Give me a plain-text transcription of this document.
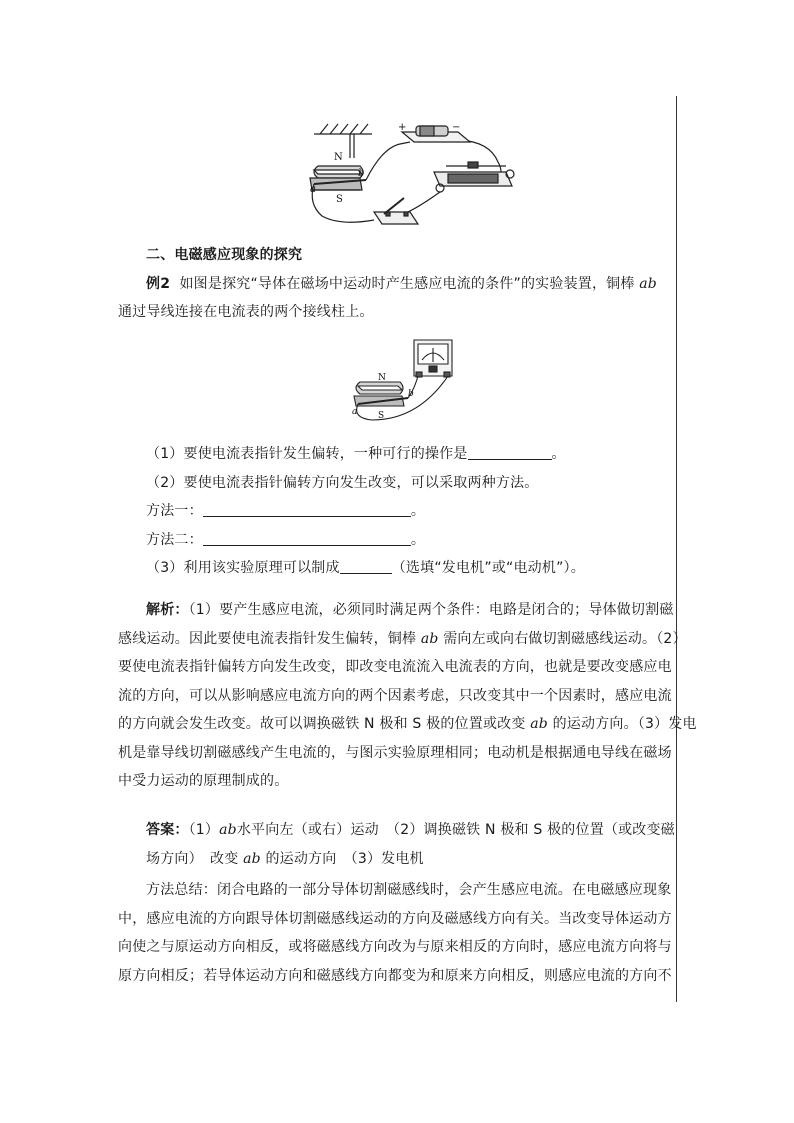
N
S
a
b
+	−
N
S
a
b

二、电磁感应现象的探究

例2 如图是探究“导体在磁场中运动时产生感应电流的条件”的实验装置，铜棒 ab

通过导线连接在电流表的两个接线柱上。

（1）要使电流表指针发生偏转，一种可行的操作是	。

（2）要使电流表指针偏转方向发生改变，可以采取两种方法。

方法一：	。

方法二：	。

（3）利用该实验原理可以制成	（选填“发电机”或“电动机”）。

解析：（1）要产生感应电流，必须同时满足两个条件：电路是闭合的；导体做切割磁

感线运动。因此要使电流表指针发生偏转，铜棒 ab 需向左或向右做切割磁感线运动。（2）

要使电流表指针偏转方向发生改变，即改变电流流入电流表的方向，也就是要改变感应电

流的方向，可以从影响感应电流方向的两个因素考虑，只改变其中一个因素时，感应电流

的方向就会发生改变。故可以调换磁铁 N 极和 S 极的位置或改变 ab 的运动方向。（3）发电

机是靠导线切割磁感线产生电流的，与图示实验原理相同；电动机是根据通电导线在磁场

中受力运动的原理制成的。

答案：（1）ab水平向左（或右）运动　（2）调换磁铁 N 极和 S 极的位置（或改变磁

场方向）　改变 ab 的运动方向　（3）发电机

方法总结：闭合电路的一部分导体切割磁感线时，会产生感应电流。在电磁感应现象

中，感应电流的方向跟导体切割磁感线运动的方向及磁感线方向有关。当改变导体运动方

向使之与原运动方向相反，或将磁感线方向改为与原来相反的方向时，感应电流方向将与

原方向相反；若导体运动方向和磁感线方向都变为和原来方向相反，则感应电流的方向不
